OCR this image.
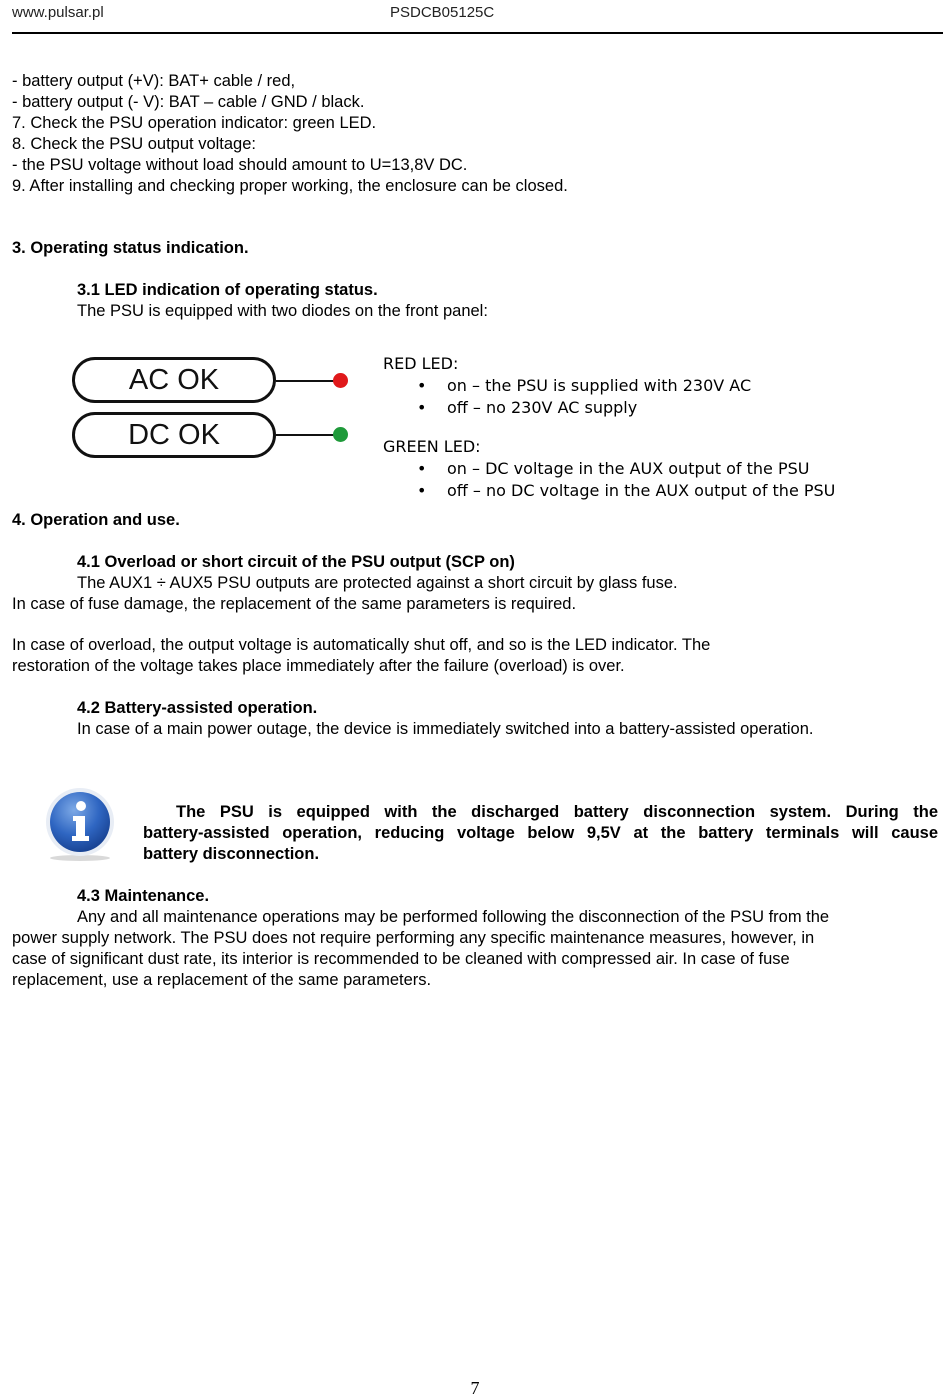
www.pulsar.pl	PSDCB05125C
- battery output (+V): BAT+ cable / red,
- battery output (- V): BAT – cable / GND / black.
7. Check the PSU operation indicator: green LED.
8. Check the PSU output voltage:
- the PSU voltage without load should amount to U=13,8V DC.
9. After installing and checking proper working, the enclosure can be closed.
3. Operating status indication.
3.1 LED indication of operating status.
The PSU is equipped with two diodes on the front panel:
AC OK
DC OK
RED LED:
• on – the PSU is supplied with 230V AC
• off – no 230V AC supply
GREEN LED:
• on – DC voltage in the AUX output of the PSU
• off – no DC voltage in the AUX output of the PSU
4. Operation and use.
4.1 Overload or short circuit of the PSU output (SCP on)
The AUX1 ÷ AUX5 PSU outputs are protected against a short circuit by glass fuse.
In case of fuse damage, the replacement of the same parameters is required.
In case of overload, the output voltage is automatically shut off, and so is the LED indicator. The
restoration of the voltage takes place immediately after the failure (overload) is over.
4.2 Battery-assisted operation.
In case of a main power outage, the device is immediately switched into a battery-assisted operation.
The PSU is equipped with the discharged battery disconnection system. During the
battery-assisted operation, reducing voltage below 9,5V at the battery terminals will cause
battery disconnection.
4.3 Maintenance.
Any and all maintenance operations may be performed following the disconnection of the PSU from the
power supply network. The PSU does not require performing any specific maintenance measures, however, in
case of significant dust rate, its interior is recommended to be cleaned with compressed air. In case of fuse
replacement, use a replacement of the same parameters.
7
